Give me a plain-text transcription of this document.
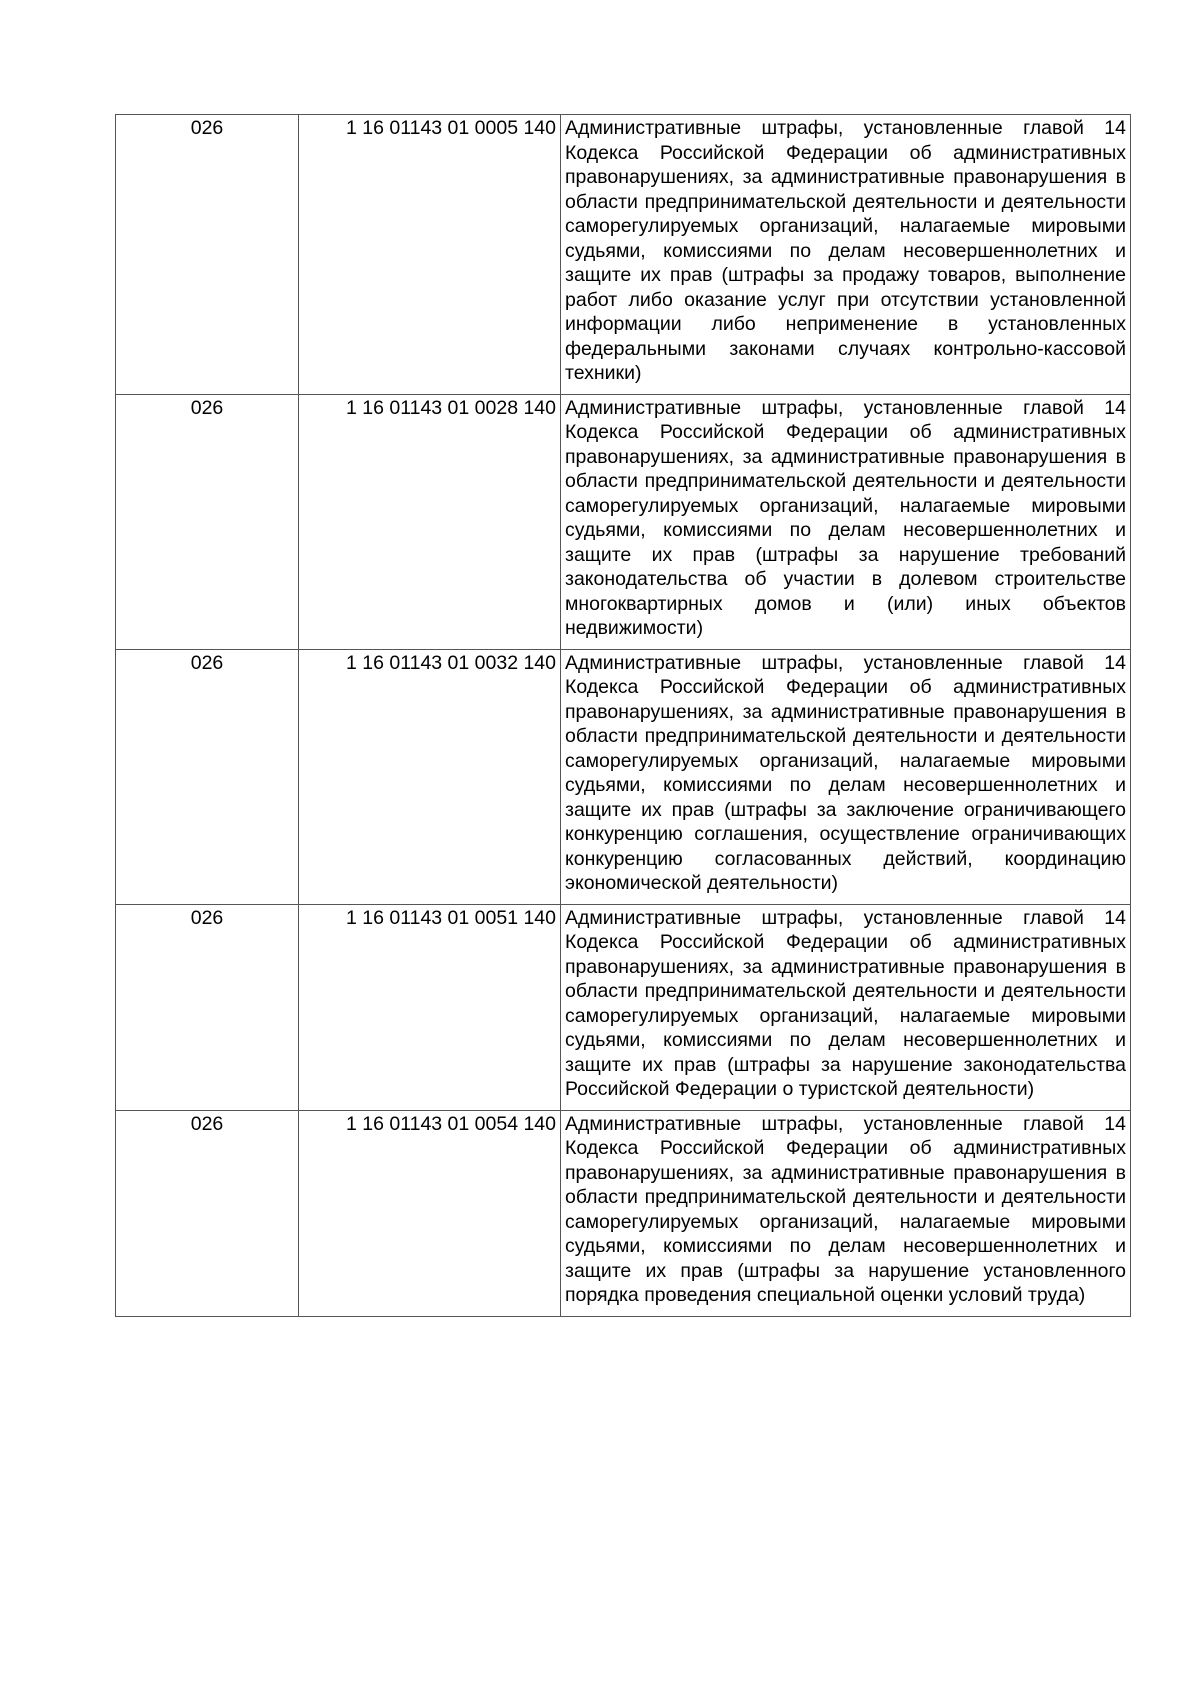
026	1 16 01143 01 0005 140	Административные штрафы, установленные главой 14 Кодекса Российской Федерации об административных правонарушениях, за административные правонарушения в области предпринимательской деятельности и деятельности саморегулируемых организаций, налагаемые мировыми судьями, комиссиями по делам несовершеннолетних и защите их прав (штрафы за продажу товаров, выполнение работ либо оказание услуг при отсутствии установленной информации либо неприменение в установленных федеральными законами случаях контрольно-кассовой техники)
026	1 16 01143 01 0028 140	Административные штрафы, установленные главой 14 Кодекса Российской Федерации об административных правонарушениях, за административные правонарушения в области предпринимательской деятельности и деятельности саморегулируемых организаций, налагаемые мировыми судьями, комиссиями по делам несовершеннолетних и защите их прав (штрафы за нарушение требований законодательства об участии в долевом строительстве многоквартирных домов и (или) иных объектов недвижимости)
026	1 16 01143 01 0032 140	Административные штрафы, установленные главой 14 Кодекса Российской Федерации об административных правонарушениях, за административные правонарушения в области предпринимательской деятельности и деятельности саморегулируемых организаций, налагаемые мировыми судьями, комиссиями по делам несовершеннолетних и защите их прав (штрафы за заключение ограничивающего конкуренцию соглашения, осуществление ограничивающих конкуренцию согласованных действий, координацию экономической деятельности)
026	1 16 01143 01 0051 140	Административные штрафы, установленные главой 14 Кодекса Российской Федерации об административных правонарушениях, за административные правонарушения в области предпринимательской деятельности и деятельности саморегулируемых организаций, налагаемые мировыми судьями, комиссиями по делам несовершеннолетних и защите их прав (штрафы за нарушение законодательства Российской Федерации о туристской деятельности)
026	1 16 01143 01 0054 140	Административные штрафы, установленные главой 14 Кодекса Российской Федерации об административных правонарушениях, за административные правонарушения в области предпринимательской деятельности и деятельности саморегулируемых организаций, налагаемые мировыми судьями, комиссиями по делам несовершеннолетних и защите их прав (штрафы за нарушение установленного порядка проведения специальной оценки условий труда)
